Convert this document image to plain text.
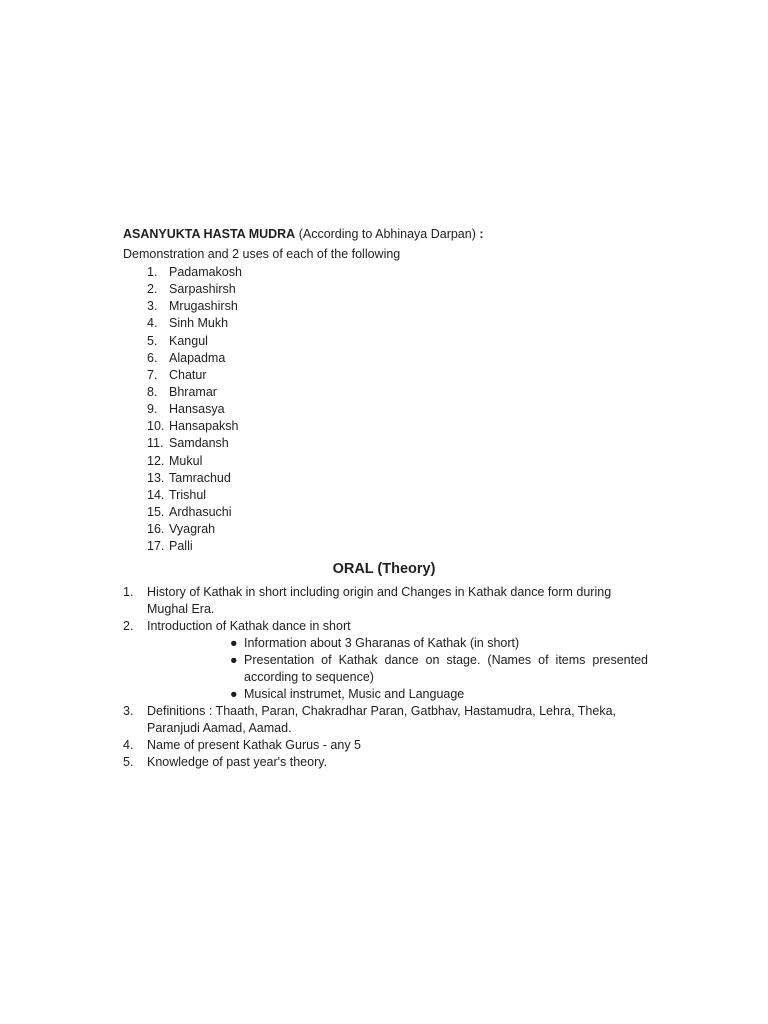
ASANYUKTA HASTA MUDRA (According to Abhinaya Darpan) :
Demonstration and 2 uses of each of the following
1. Padamakosh
2. Sarpashirsh
3. Mrugashirsh
4. Sinh Mukh
5. Kangul
6. Alapadma
7. Chatur
8. Bhramar
9. Hansasya
10. Hansapaksh
11. Samdansh
12. Mukul
13. Tamrachud
14. Trishul
15. Ardhasuchi
16. Vyagrah
17. Palli
ORAL (Theory)
1. History of Kathak in short including origin and Changes in Kathak dance form during Mughal Era.
2. Introduction of Kathak dance in short
● Information about 3 Gharanas of Kathak (in short)
● Presentation of Kathak dance on stage. (Names of items presented according to sequence)
● Musical instrumet, Music and Language
3. Definitions : Thaath, Paran, Chakradhar Paran, Gatbhav, Hastamudra, Lehra, Theka, Paranjudi Aamad, Aamad.
4. Name of present Kathak Gurus - any 5
5. Knowledge of past year's theory.
